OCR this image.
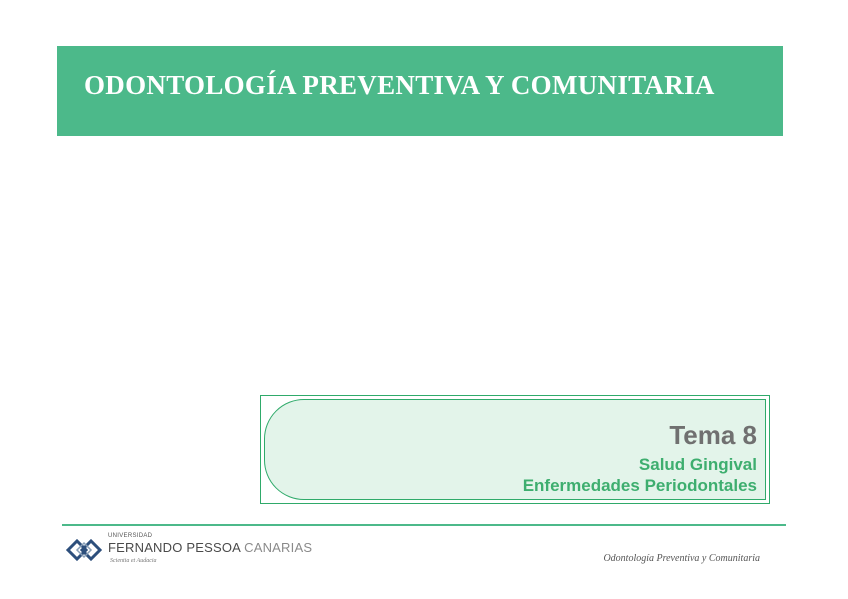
ODONTOLOGÍA PREVENTIVA Y COMUNITARIA
Tema 8
Salud Gingival
Enfermedades Periodontales
UNIVERSIDAD
FERNANDO PESSOA CANARIAS
Scientia et Audacia	Odontología Preventiva y Comunitaria
